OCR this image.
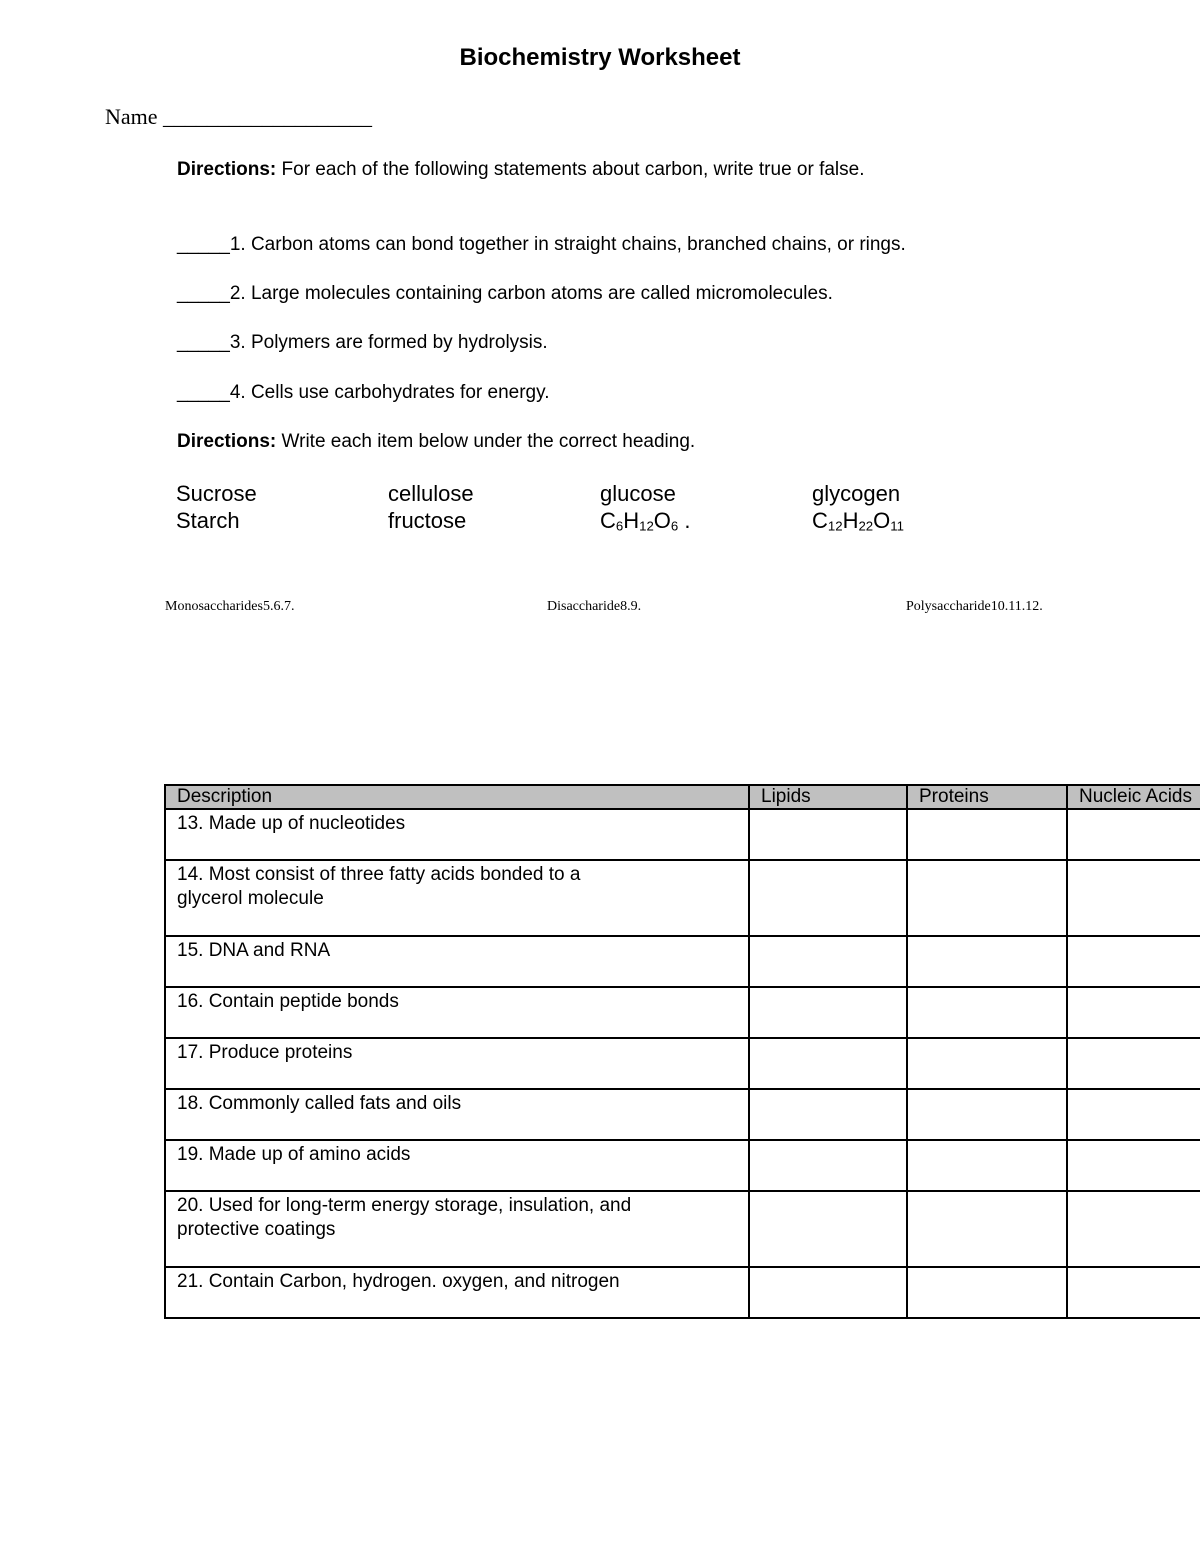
Biochemistry Worksheet
Name ___________________
Directions: For each of the following statements about carbon, write true or false.
_____1. Carbon atoms can bond together in straight chains, branched chains, or rings.
_____2. Large molecules containing carbon atoms are called micromolecules.
_____3. Polymers are formed by hydrolysis.
_____4. Cells use carbohydrates for energy.
Directions: Write each item below under the correct heading.
Sucrose	cellulose	glucose	glycogen
Starch	fructose	$C_6H_{12}O_6$ .	$C_{12}H_{22}O_{11}$
Monosaccharides5.6.7.	Disaccharide8.9.	Polysaccharide10.11.12.
Description	Lipids	Proteins	Nucleic Acids
13. Made up of nucleotides			
14. Most consist of three fatty acids bonded to a glycerol molecule			
15. DNA and RNA			
16. Contain peptide bonds			
17. Produce proteins			
18. Commonly called fats and oils			
19. Made up of amino acids			
20. Used for long-term energy storage, insulation, and protective coatings			
21. Contain Carbon, hydrogen. oxygen, and nitrogen			
